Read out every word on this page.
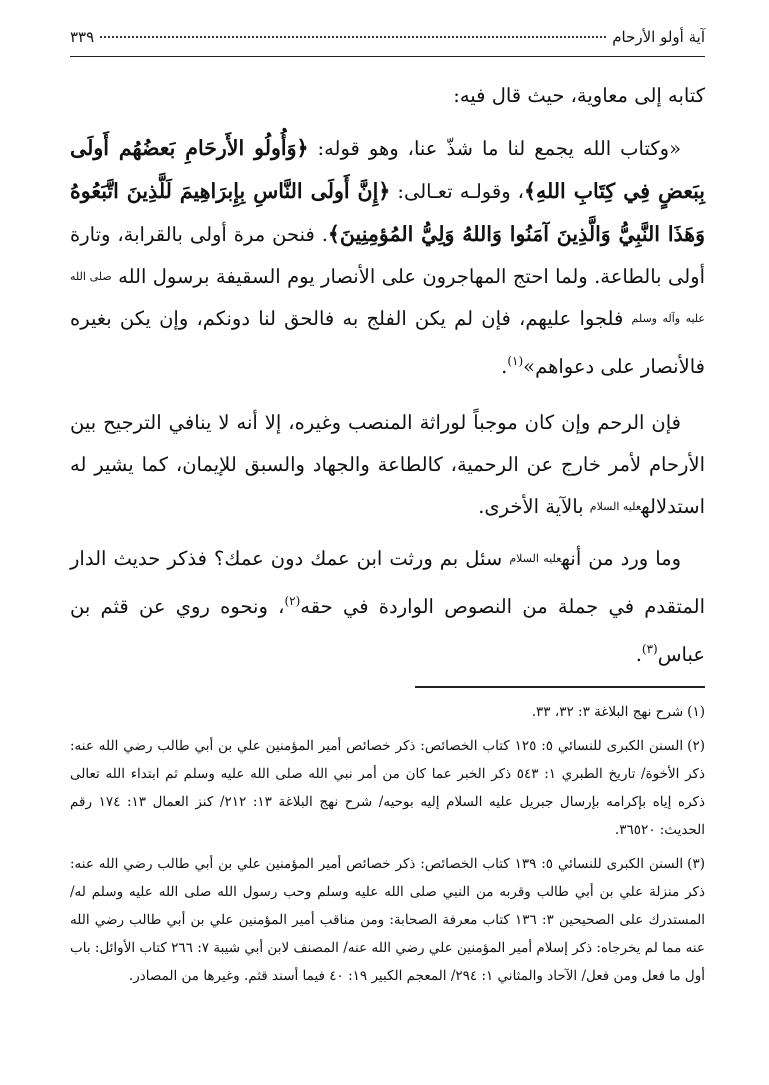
آية أولو الأرحام
٣٣٩

كتابه إلى معاوية، حيث قال فيه:

«وكتاب الله يجمع لنا ما شذّ عنا، وهو قوله: ﴿وَأُولُو الأَرحَامِ بَعضُهُم أَولَى بِبَعضٍ فِي كِتَابِ اللهِ﴾، وقولـه تعـالى: ﴿إِنَّ أَولَى النَّاسِ بِإِبرَاهِيمَ لَلَّذِينَ اتَّبَعُوهُ وَهَذَا النَّبِيُّ وَالَّذِينَ آمَنُوا وَاللهُ وَلِيُّ المُؤمِنِينَ﴾. فنحن مرة أولى بالقرابة، وتارة أولى بالطاعة. ولما احتج المهاجرون على الأنصار يوم السقيفة برسول الله صلى الله عليه وآله وسلم فلجوا عليهم، فإن لم يكن الفلج به فالحق لنا دونكم، وإن يكن بغيره فالأنصار على دعواهم»$^{(١)}$.

فإن الرحم وإن كان موجباً لوراثة المنصب وغيره، إلا أنه لا ينافي الترجيح بين الأرحام لأمر خارج عن الرحمية، كالطاعة والجهاد والسبق للإيمان، كما يشير له استدلالهعليه السلام بالآية الأخرى.

وما ورد من أنهعليه السلام سئل بم ورثت ابن عمك دون عمك؟ فذكر حديث الدار المتقدم في جملة من النصوص الواردة في حقه$^{(٢)}$، ونحوه روي عن قثم بن عباس$^{(٣)}$.

(١)شرح نهج البلاغة ٣: ٣٢، ٣٣.

(٢)السنن الكبرى للنسائي ٥: ١٢٥ كتاب الخصائص: ذكر خصائص أمير المؤمنين علي بن أبي طالب رضي الله عنه: ذكر الأخوة/ تاريخ الطبري ١: ٥٤٣ ذكر الخبر عما كان من أمر نبي الله صلى الله عليه وسلم ثم ابتداء الله تعالى ذكره إياه بإكرامه بإرسال جبريل عليه السلام إليه بوحيه/ شرح نهج البلاغة ١٣: ٢١٢/ كنز العمال ١٣: ١٧٤ رقم الحديث: ٣٦٥٢٠.

(٣)السنن الكبرى للنسائي ٥: ١٣٩ كتاب الخصائص: ذكر خصائص أمير المؤمنين علي بن أبي طالب رضي الله عنه: ذكر منزلة علي بن أبي طالب وقربه من النبي صلى الله عليه وسلم وحب رسول الله صلى الله عليه وسلم له/ المستدرك على الصحيحين ٣: ١٣٦ كتاب معرفة الصحابة: ومن مناقب أمير المؤمنين علي بن أبي طالب رضي الله عنه مما لم يخرجاه: ذكر إسلام أمير المؤمنين علي رضي الله عنه/ المصنف لابن أبي شيبة ٧: ٢٦٦ كتاب الأوائل: باب أول ما فعل ومن فعل/ الآحاد والمثاني ١: ٢٩٤/ المعجم الكبير ١٩: ٤٠ فيما أسند قثم. وغيرها من المصادر.
